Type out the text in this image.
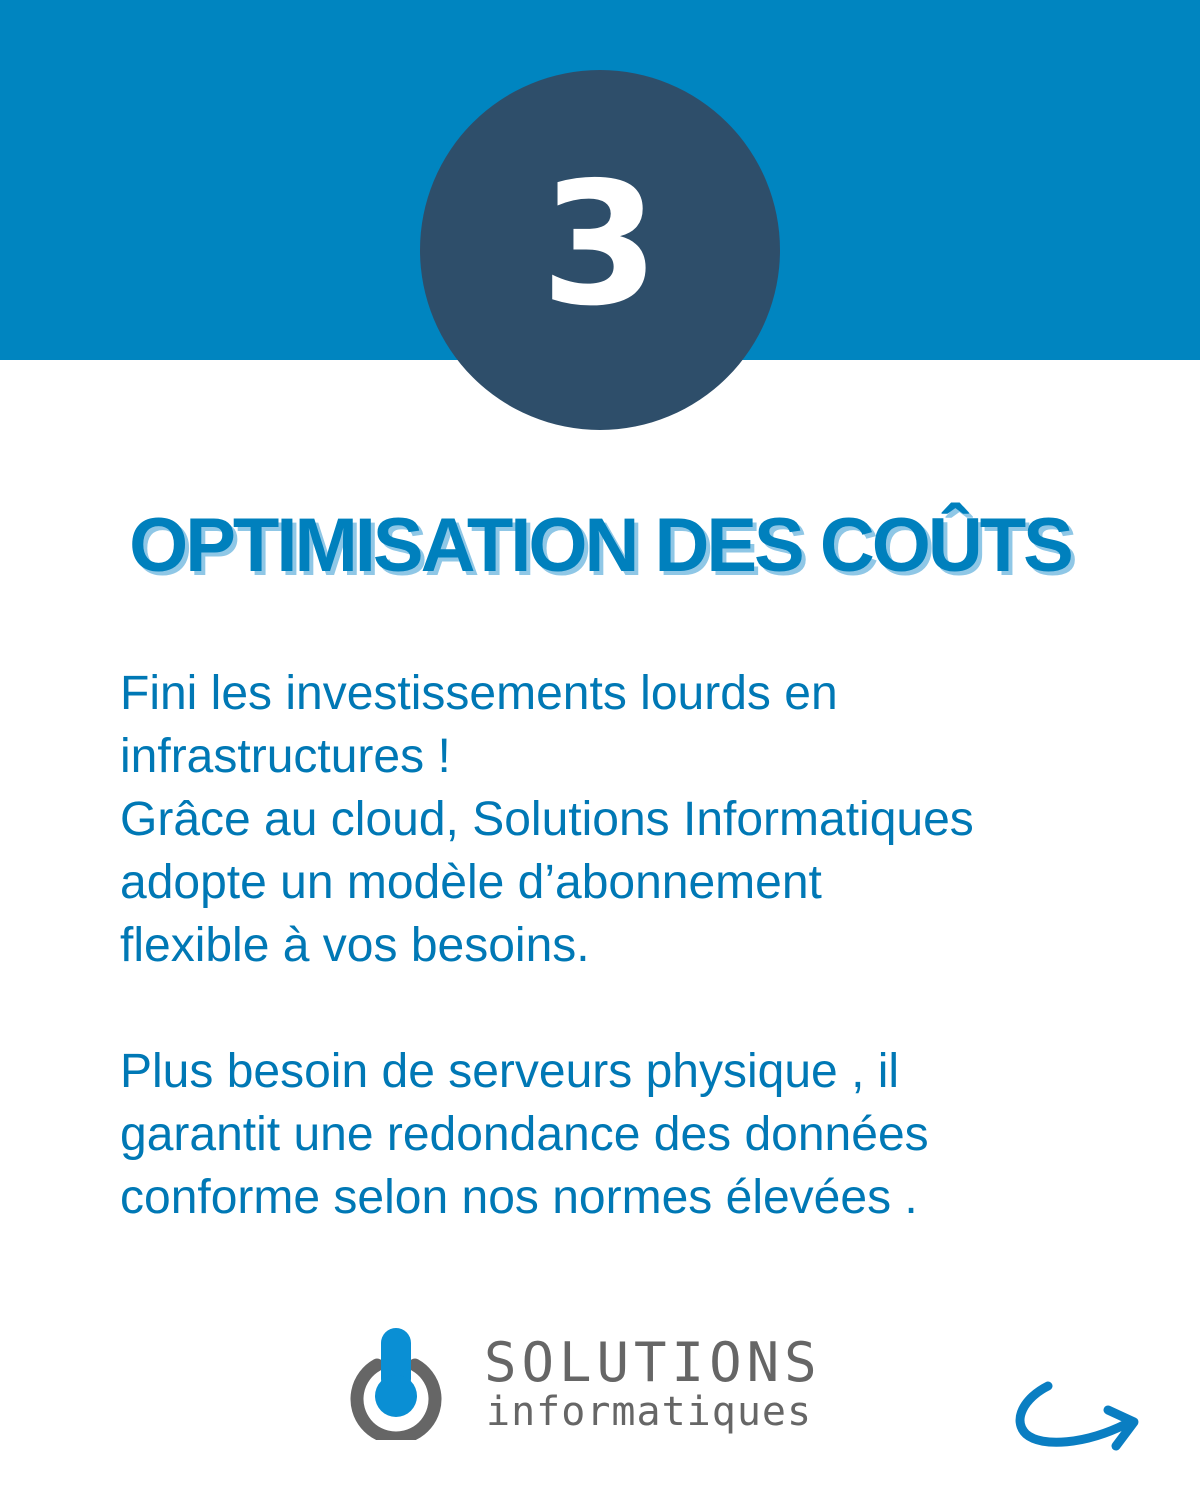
3
OPTIMISATION DES COÛTS

Fini les investissements lourds en
infrastructures !
Grâce au cloud, Solutions Informatiques
adopte un modèle d’abonnement
flexible à vos besoins.

Plus besoin de serveurs physique , il
garantit une redondance des données
conforme selon nos normes élevées .

SOLUTIONS
informatiques
